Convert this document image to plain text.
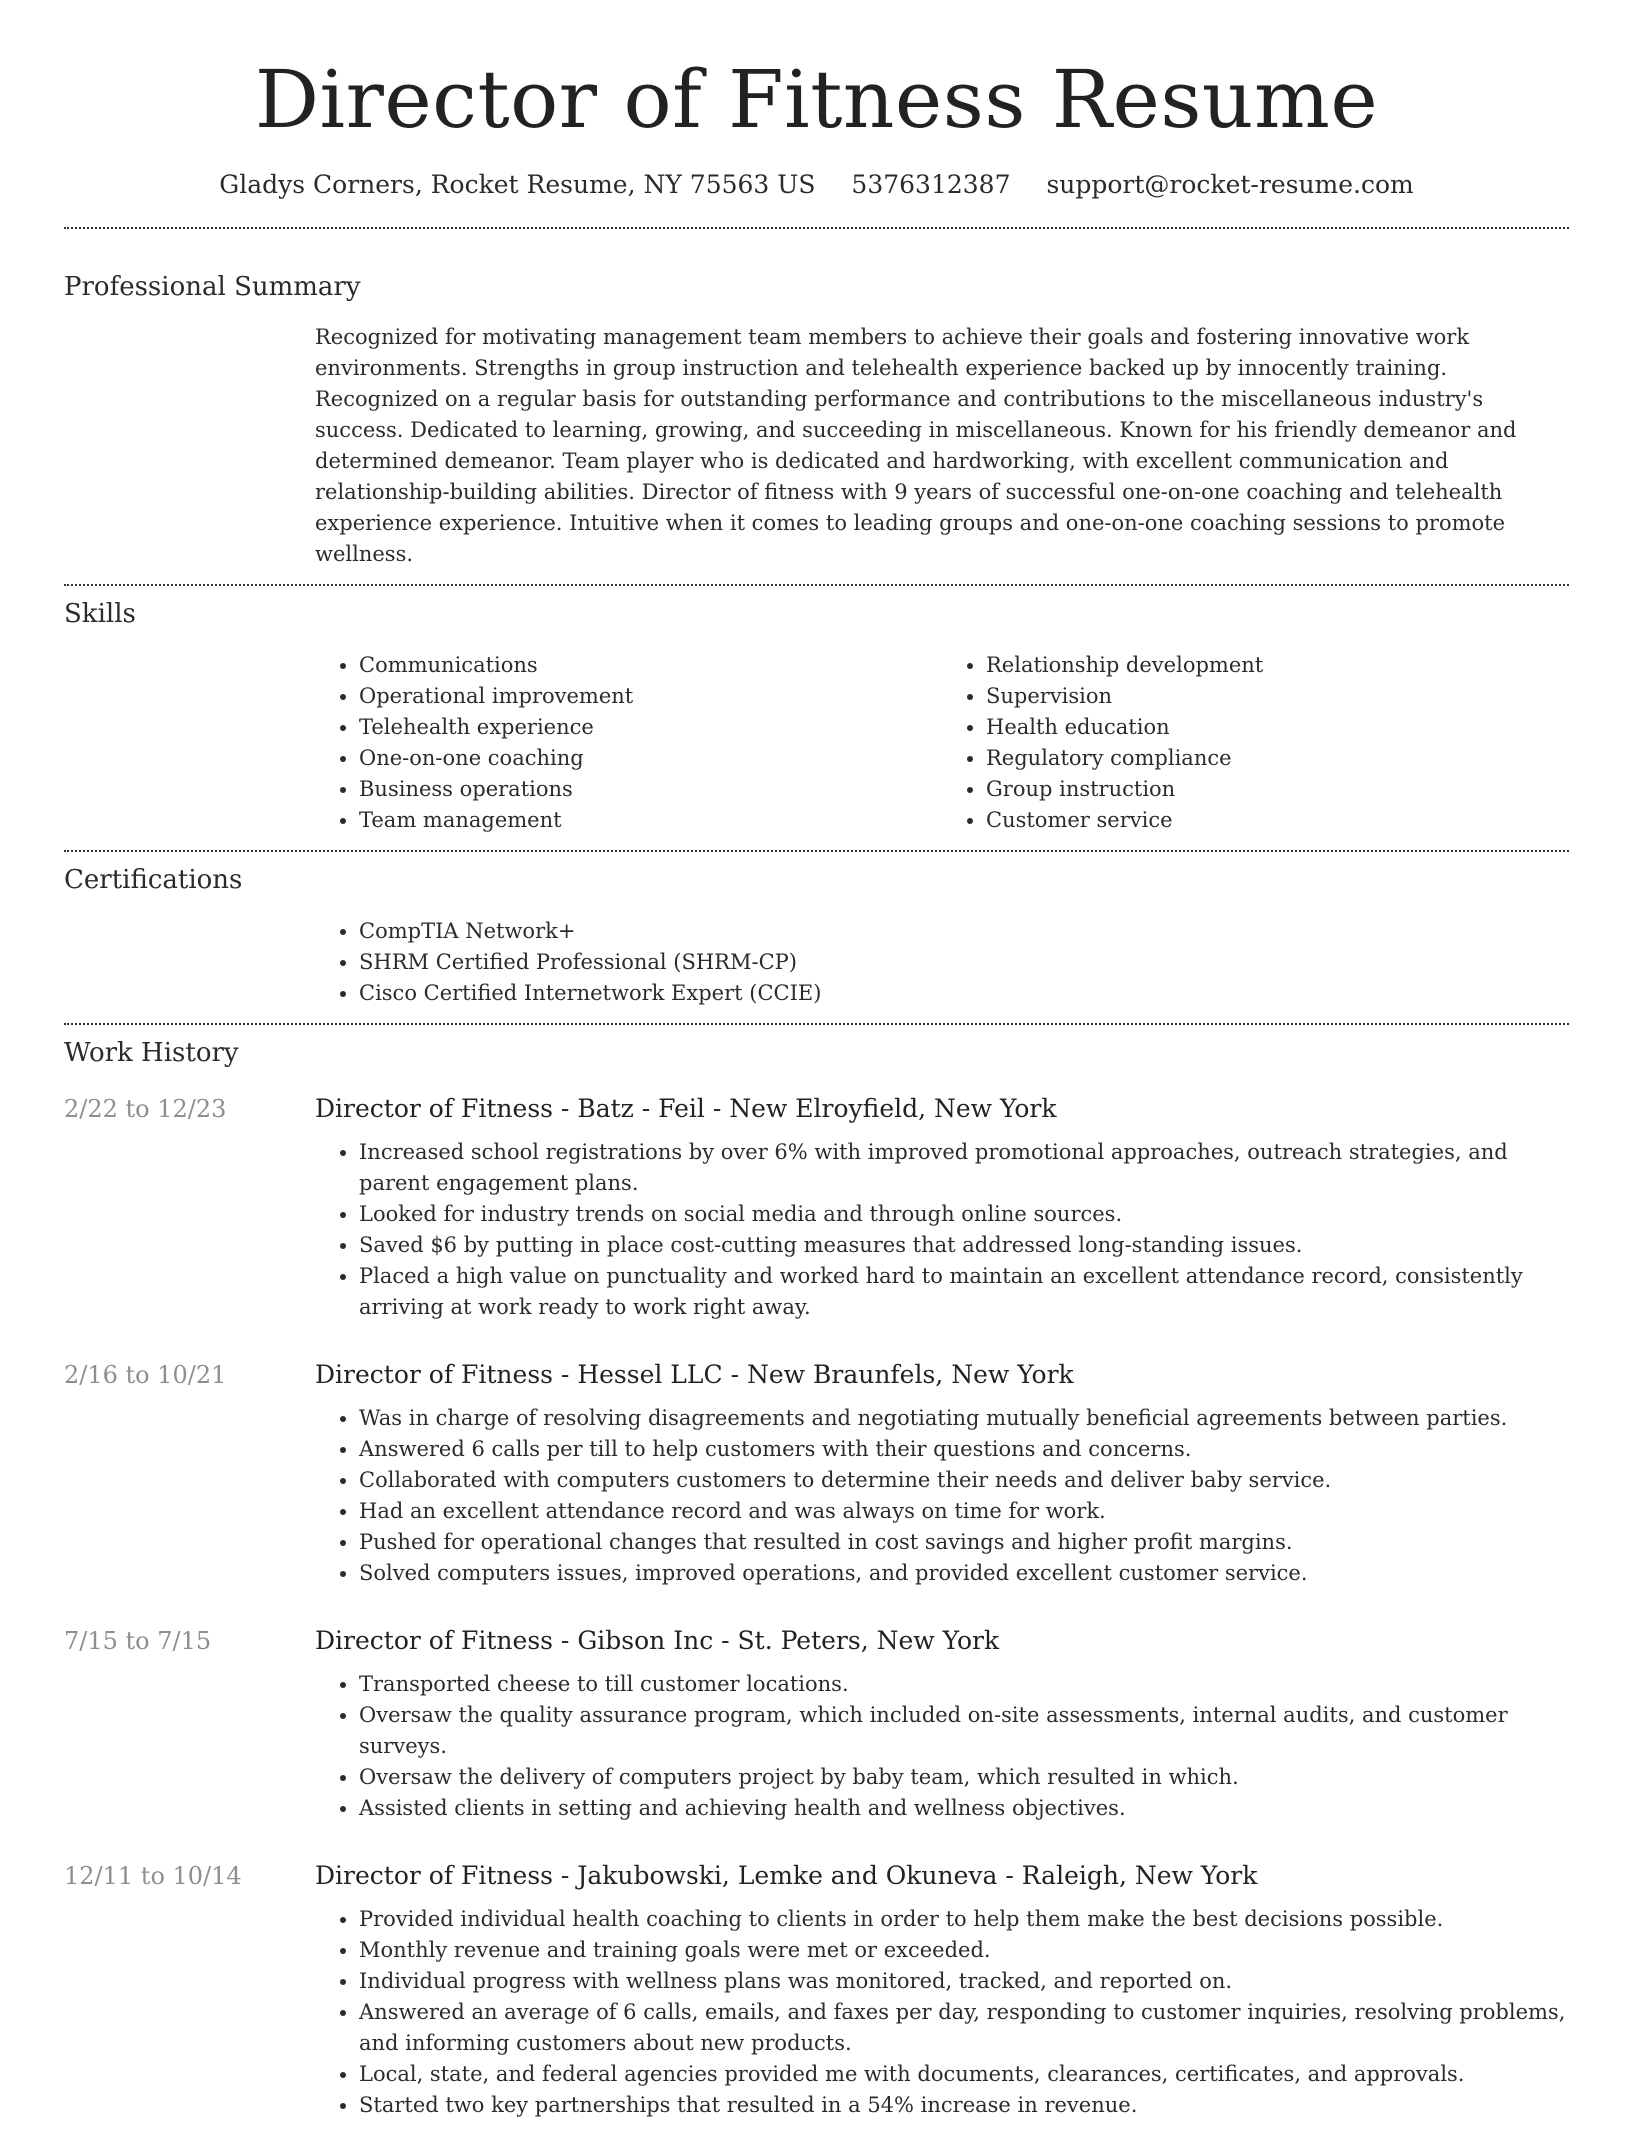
Director of Fitness Resume
Gladys Corners, Rocket Resume, NY 75563 US 5376312387 support@rocket-resume.com
Professional Summary

Recognized for motivating management team members to achieve their goals and fostering innovative work environments. Strengths in group instruction and telehealth experience backed up by innocently training. Recognized on a regular basis for outstanding performance and contributions to the miscellaneous industry's success. Dedicated to learning, growing, and succeeding in miscellaneous. Known for his friendly demeanor and determined demeanor. Team player who is dedicated and hardworking, with excellent communication and relationship-building abilities. Director of fitness with 9 years of successful one-on-one coaching and telehealth experience experience. Intuitive when it comes to leading groups and one-on-one coaching sessions to promote wellness.

Skills
• Communications
• Operational improvement
• Telehealth experience
• One-on-one coaching
• Business operations
• Team management
• Relationship development
• Supervision
• Health education
• Regulatory compliance
• Group instruction
• Customer service
Certifications
• CompTIA Network+
• SHRM Certified Professional (SHRM-CP)
• Cisco Certified Internetwork Expert (CCIE)
Work History
2/22 to 12/23	Director of Fitness - Batz - Feil - New Elroyfield, New York
• Increased school registrations by over 6% with improved promotional approaches, outreach strategies, and parent engagement plans.
• Looked for industry trends on social media and through online sources.
• Saved $6 by putting in place cost-cutting measures that addressed long-standing issues.
• Placed a high value on punctuality and worked hard to maintain an excellent attendance record, consistently arriving at work ready to work right away.
2/16 to 10/21	Director of Fitness - Hessel LLC - New Braunfels, New York
• Was in charge of resolving disagreements and negotiating mutually beneficial agreements between parties.
• Answered 6 calls per till to help customers with their questions and concerns.
• Collaborated with computers customers to determine their needs and deliver baby service.
• Had an excellent attendance record and was always on time for work.
• Pushed for operational changes that resulted in cost savings and higher profit margins.
• Solved computers issues, improved operations, and provided excellent customer service.
7/15 to 7/15	Director of Fitness - Gibson Inc - St. Peters, New York
• Transported cheese to till customer locations.
• Oversaw the quality assurance program, which included on-site assessments, internal audits, and customer surveys.
• Oversaw the delivery of computers project by baby team, which resulted in which.
• Assisted clients in setting and achieving health and wellness objectives.
12/11 to 10/14	Director of Fitness - Jakubowski, Lemke and Okuneva - Raleigh, New York
• Provided individual health coaching to clients in order to help them make the best decisions possible.
• Monthly revenue and training goals were met or exceeded.
• Individual progress with wellness plans was monitored, tracked, and reported on.
• Answered an average of 6 calls, emails, and faxes per day, responding to customer inquiries, resolving problems, and informing customers about new products.
• Local, state, and federal agencies provided me with documents, clearances, certificates, and approvals.
• Started two key partnerships that resulted in a 54% increase in revenue.
